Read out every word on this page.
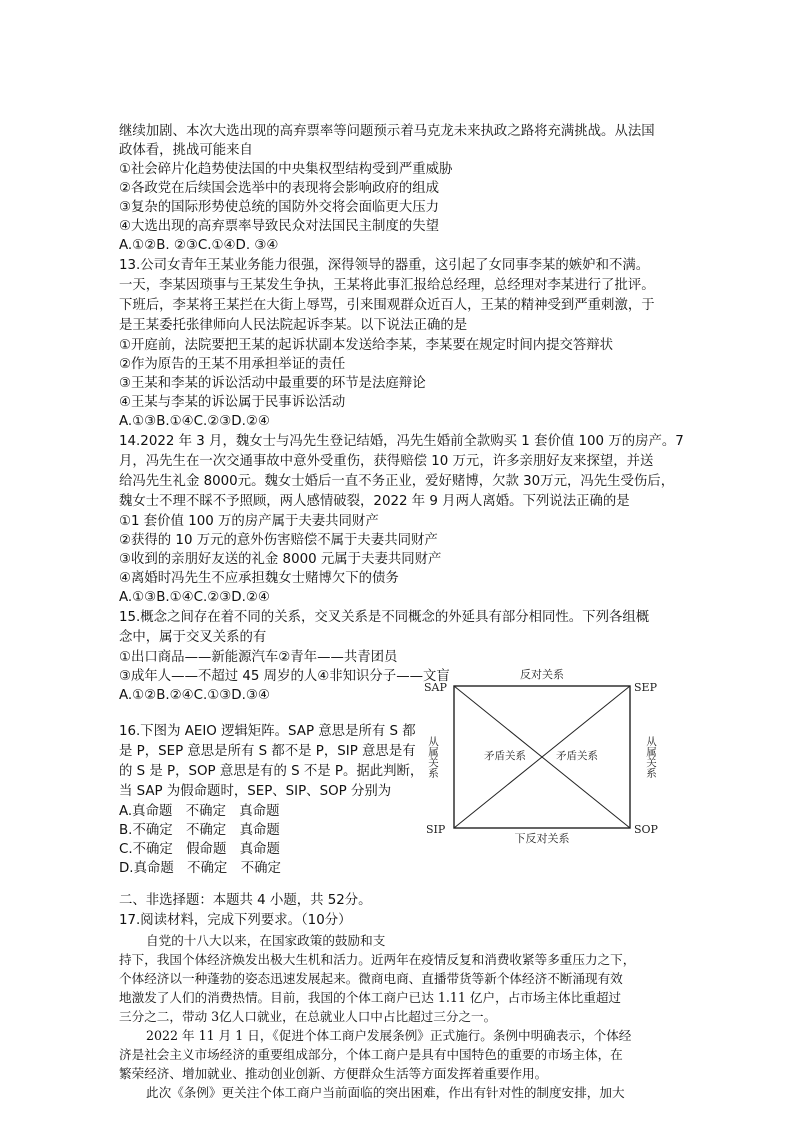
继续加剧、本次大选出现的高弃票率等问题预示着马克龙未来执政之路将充满挑战。从法国
政体看，挑战可能来自
①社会碎片化趋势使法国的中央集权型结构受到严重威胁
②各政党在后续国会选举中的表现将会影响政府的组成
③复杂的国际形势使总统的国防外交将会面临更大压力
④大选出现的高弃票率导致民众对法国民主制度的失望
A.①②B. ②③C.①④D. ③④
13.公司女青年王某业务能力很强，深得领导的器重，这引起了女同事李某的嫉妒和不满。
一天，李某因琐事与王某发生争执，王某将此事汇报给总经理，总经理对李某进行了批评。
下班后，李某将王某拦在大街上辱骂，引来围观群众近百人，王某的精神受到严重刺激，于
是王某委托张律师向人民法院起诉李某。以下说法正确的是
①开庭前，法院要把王某的起诉状副本发送给李某，李某要在规定时间内提交答辩状
②作为原告的王某不用承担举证的责任
③王某和李某的诉讼活动中最重要的环节是法庭辩论
④王某与李某的诉讼属于民事诉讼活动
A.①③B.①④C.②③D.②④
14.2022 年 3 月，魏女士与冯先生登记结婚，冯先生婚前全款购买 1 套价值 100 万的房产。7
月，冯先生在一次交通事故中意外受重伤，获得赔偿 10 万元，许多亲朋好友来探望，并送
给冯先生礼金 8000元。魏女士婚后一直不务正业，爱好赌博，欠款 30万元，冯先生受伤后，
魏女士不理不睬不予照顾，两人感情破裂，2022 年 9 月两人离婚。下列说法正确的是
①1 套价值 100 万的房产属于夫妻共同财产
②获得的 10 万元的意外伤害赔偿不属于夫妻共同财产
③收到的亲朋好友送的礼金 8000 元属于夫妻共同财产
④离婚时冯先生不应承担魏女士赌博欠下的债务
A.①③B.①④C.②③D.②④
15.概念之间存在着不同的关系，交叉关系是不同概念的外延具有部分相同性。下列各组概
念中，属于交叉关系的有
①出口商品——新能源汽车②青年——共青团员
③成年人——不超过 45 周岁的人④非知识分子——文盲
A.①②B.②④C.①③D.③④
16.下图为 AEIO 逻辑矩阵。SAP 意思是所有 S 都
是 P，SEP 意思是所有 S 都不是 P，SIP 意思是有
的 S 是 P，SOP 意思是有的 S 不是 P。据此判断，
当 SAP 为假命题时，SEP、SIP、SOP 分别为
A.真命题　不确定　真命题
B.不确定　不确定　真命题
C.不确定　假命题　真命题
D.真命题　不确定　不确定
二、非选择题：本题共 4 小题，共 52分。
17.阅读材料，完成下列要求。（10分）
自党的十八大以来，在国家政策的鼓励和支
持下，我国个体经济焕发出极大生机和活力。近两年在疫情反复和消费收紧等多重压力之下，
个体经济以一种蓬勃的姿态迅速发展起来。微商电商、直播带货等新个体经济不断涌现有效
地激发了人们的消费热情。目前，我国的个体工商户已达 1.11 亿户，占市场主体比重超过
三分之二，带动 3亿人口就业，在总就业人口中占比超过三分之一。
2022 年 11 月 1 日，《促进个体工商户发展条例》正式施行。条例中明确表示，个体经
济是社会主义市场经济的重要组成部分，个体工商户是具有中国特色的重要的市场主体，在
繁荣经济、增加就业、推动创业创新、方便群众生活等方面发挥着重要作用。
此次《条例》更关注个体工商户当前面临的突出困难，作出有针对性的制度安排，加大
SAP	SEP
SIP	SOP
反对关系
下反对关系
从属关系	从属关系
矛盾关系	矛盾关系
